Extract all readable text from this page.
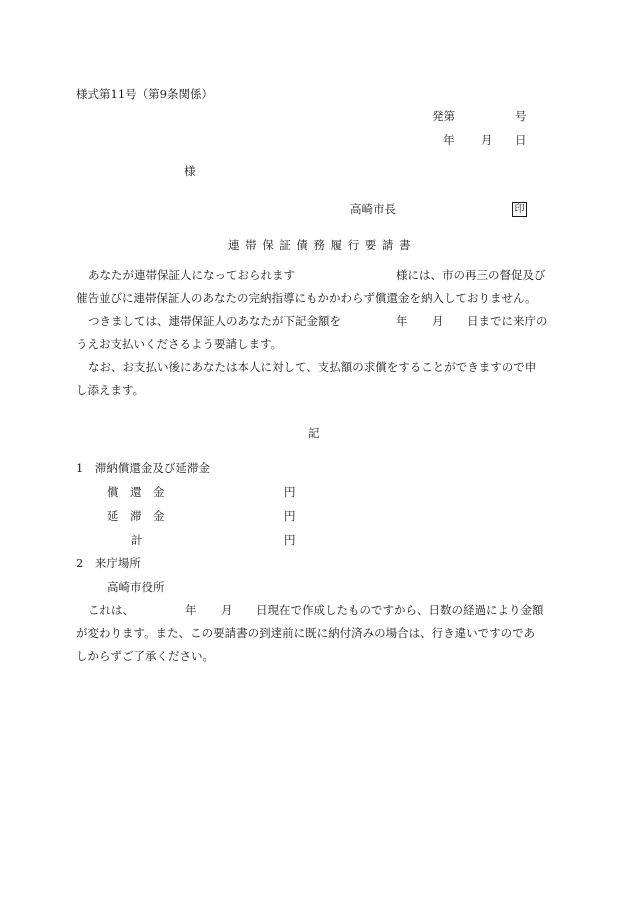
様式第11号（第9条関係）
発第	号
年 月 日
様
高崎市長	印
連帯保証債務履行要請書
あなたが連帯保証人になっておられます	様には、市の再三の督促及び
催告並びに連帯保証人のあなたの完納指導にもかかわらず償還金を納入しておりません。
つきましては、連帯保証人のあなたが下記金額を	年 月 日までに来庁の
うえお支払いくださるよう要請します。
なお、お支払い後にあなたは本人に対して、支払額の求償をすることができますので申
し添えます。
記
1　滞納償還金及び延滞金
償　還　金	円
延　滞　金	円
計	円
2　来庁場所
高崎市役所
これは、	年 月 日現在で作成したものですから、日数の経過により金額
が変わります。また、この要請書の到達前に既に納付済みの場合は、行き違いですのであ
しからずご了承ください。
